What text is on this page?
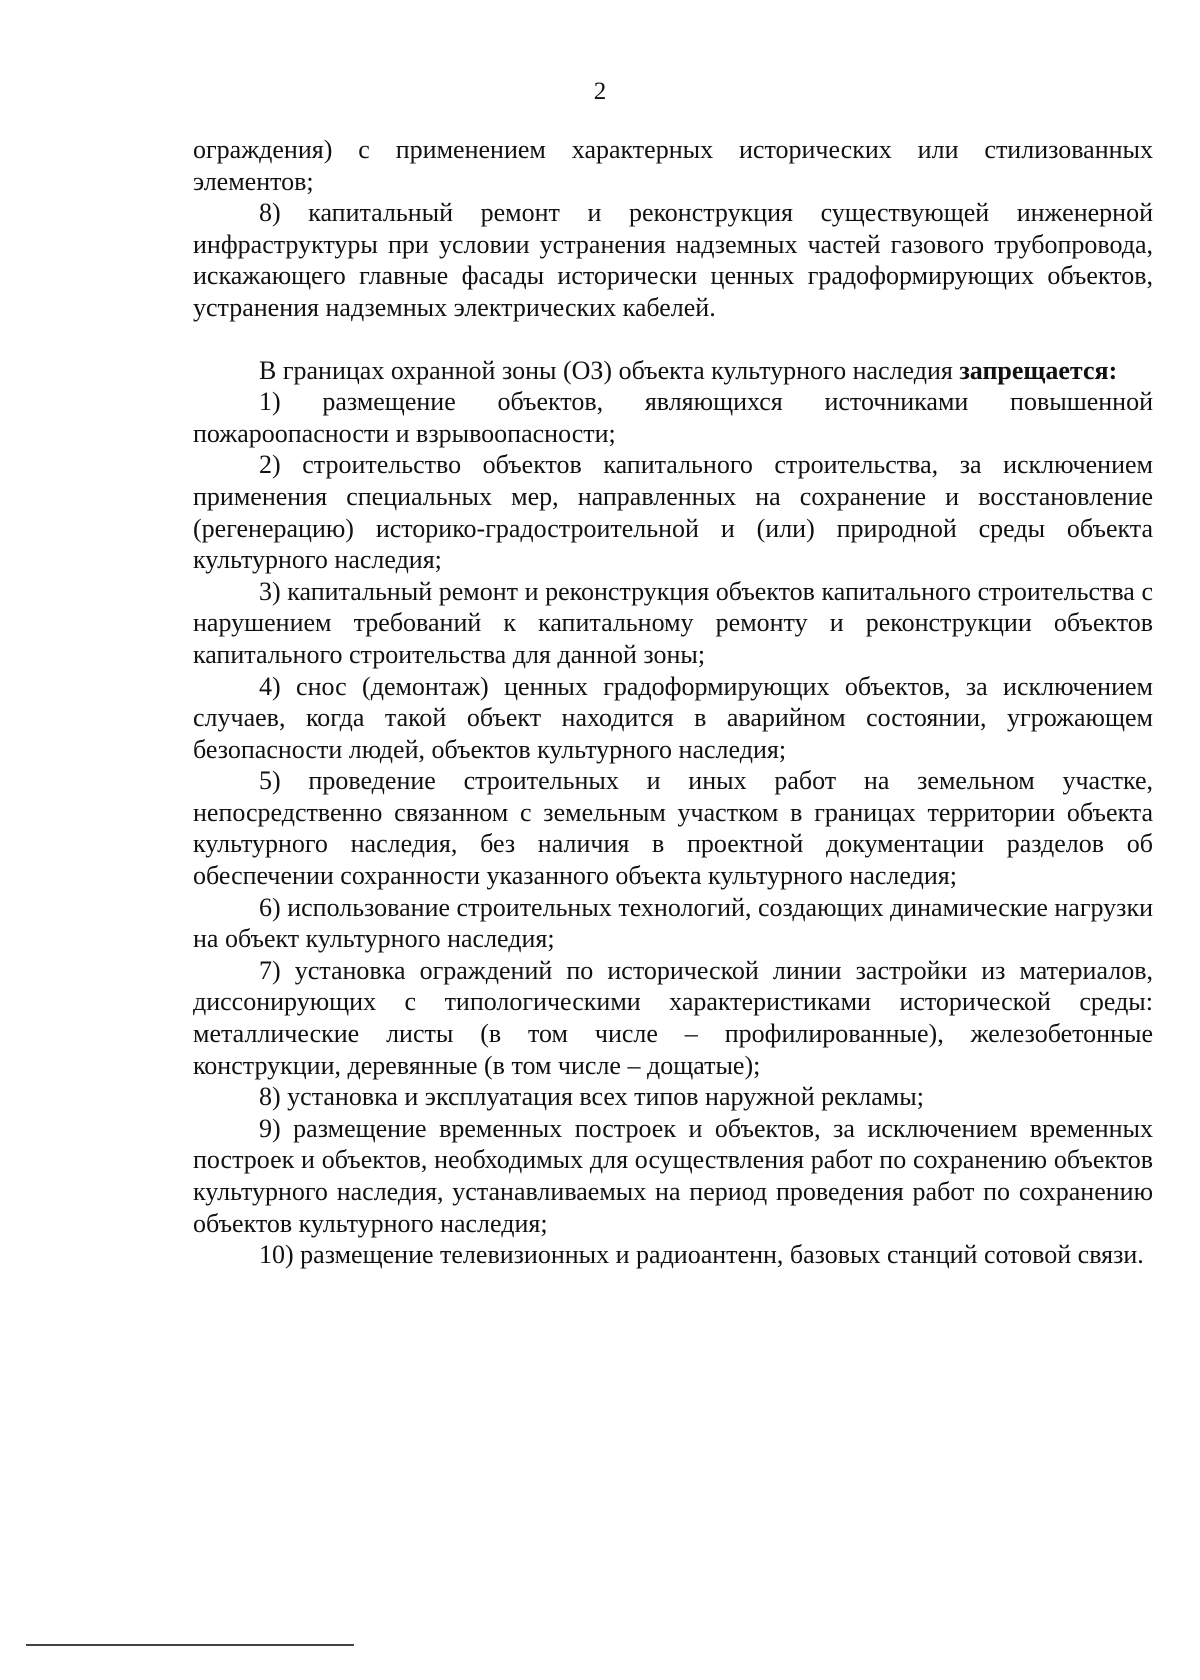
2

ограждения) с применением характерных исторических или стилизованных элементов;

8) капитальный ремонт и реконструкция существующей инженерной инфраструктуры при условии устранения надземных частей газового трубопровода, искажающего главные фасады исторически ценных градоформирующих объектов, устранения надземных электрических кабелей.

В границах охранной зоны (ОЗ) объекта культурного наследия запрещается:

1) размещение объектов, являющихся источниками повышенной пожароопасности и взрывоопасности;

2) строительство объектов капитального строительства, за исключением применения специальных мер, направленных на сохранение и восстановление (регенерацию) историко-градостроительной и (или) природной среды объекта культурного наследия;

3) капитальный ремонт и реконструкция объектов капитального строительства с нарушением требований к капитальному ремонту и реконструкции объектов капитального строительства для данной зоны;

4) снос (демонтаж) ценных градоформирующих объектов, за исключением случаев, когда такой объект находится в аварийном состоянии, угрожающем безопасности людей, объектов культурного наследия;

5) проведение строительных и иных работ на земельном участке, непосредственно связанном с земельным участком в границах территории объекта культурного наследия, без наличия в проектной документации разделов об обеспечении сохранности указанного объекта культурного наследия;

6) использование строительных технологий, создающих динамические нагрузки на объект культурного наследия;

7) установка ограждений по исторической линии застройки из материалов, диссонирующих с типологическими характеристиками исторической среды: металлические листы (в том числе – профилированные), железобетонные конструкции, деревянные (в том числе – дощатые);

8) установка и эксплуатация всех типов наружной рекламы;

9) размещение временных построек и объектов, за исключением временных построек и объектов, необходимых для осуществления работ по сохранению объектов культурного наследия, устанавливаемых на период проведения работ по сохранению объектов культурного наследия;

10) размещение телевизионных и радиоантенн, базовых станций сотовой связи.
